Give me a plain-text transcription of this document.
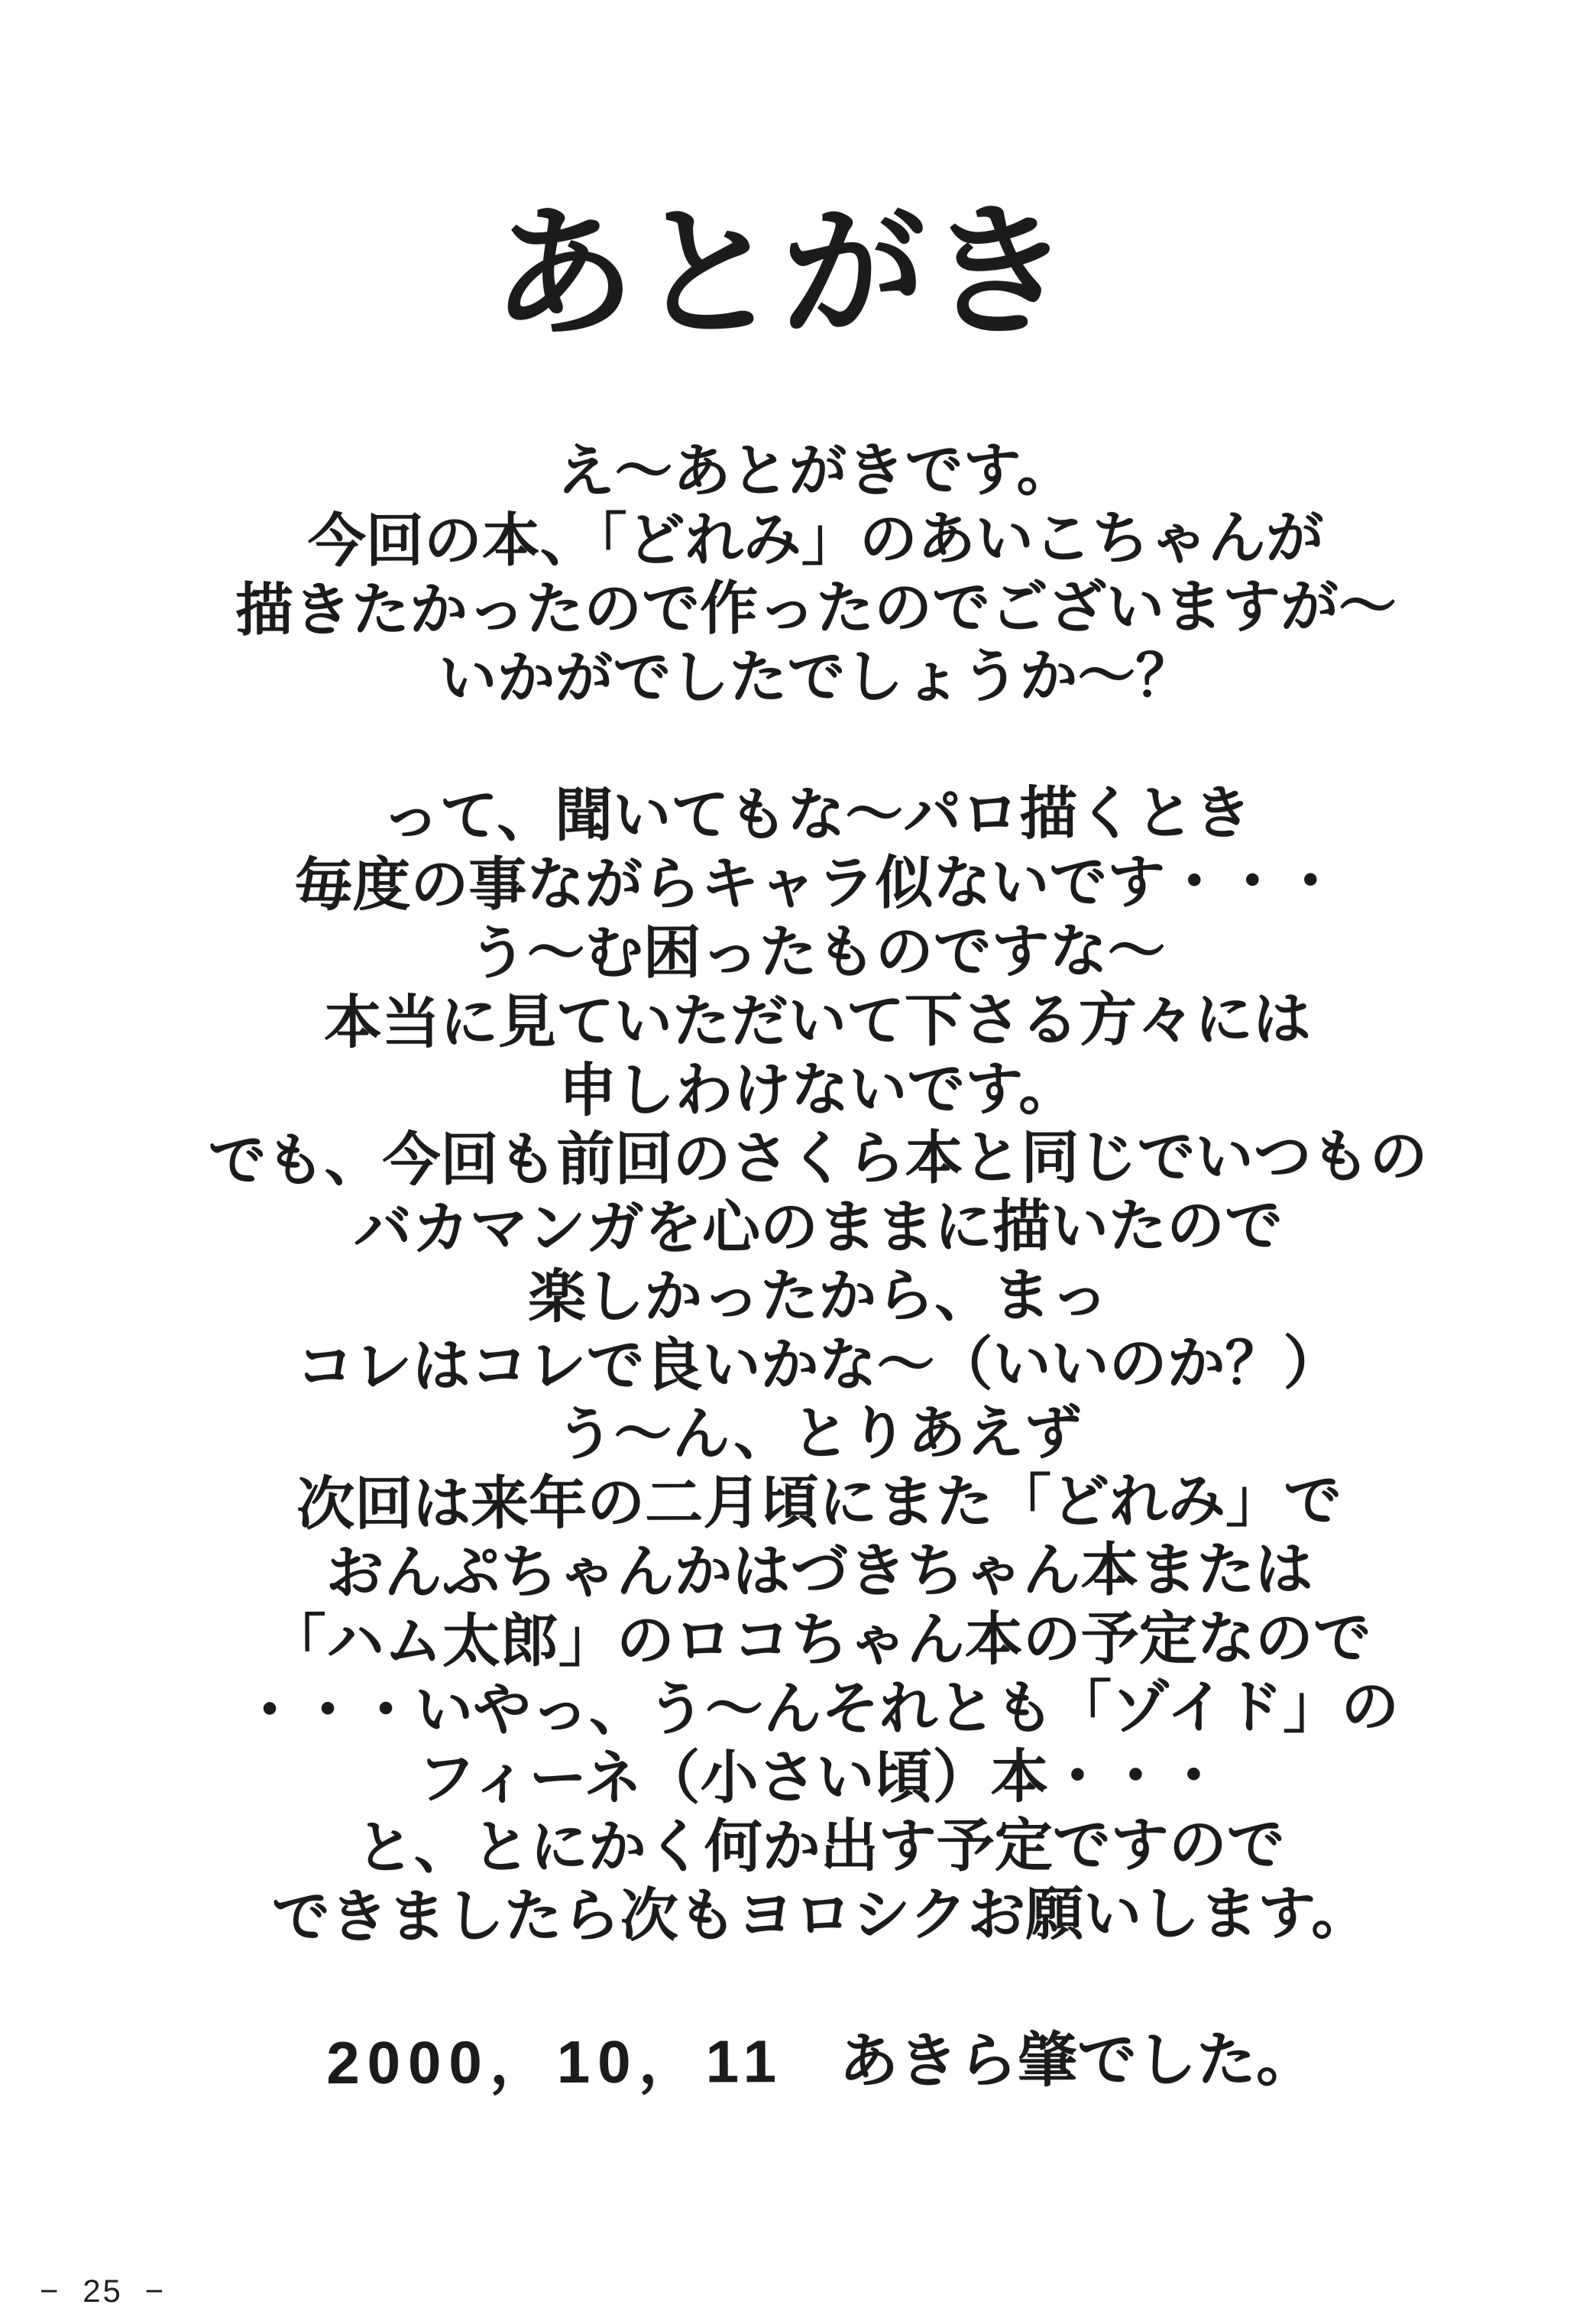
あとがき
え〜あとがきです。
今回の本、「どれみ」のあいこちゃんが
描きたかったので作ったのでございますが〜
いかがでしたでしょうか〜？
って、聞いてもな〜パロ描くとき
毎度の事ながらキャラ似ないです・・・
う〜む困ったものですな〜
本当に見ていただいて下さる方々には
申しわけないです。
でも、今回も前回のさくら本と同じでいつもの
バカマンガを心のままに描いたので
楽しかったから、まっ
コレはコレで良いかな〜（いいのか？）
う〜ん、とりあえず
次回は来年の二月頃にまた「どれみ」で
おんぷちゃんかはづきちゃん本または
「ハム太郎」のロコちゃん本の予定なので
・・・いやっ、う〜んそれとも「ゾイド」の
フィーネ（小さい頃）本・・・
と、とにかく何か出す予定ですので
できましたら次もヨロシクお願いします。
2000，10，11 あきら肇でした。
− 25 −
